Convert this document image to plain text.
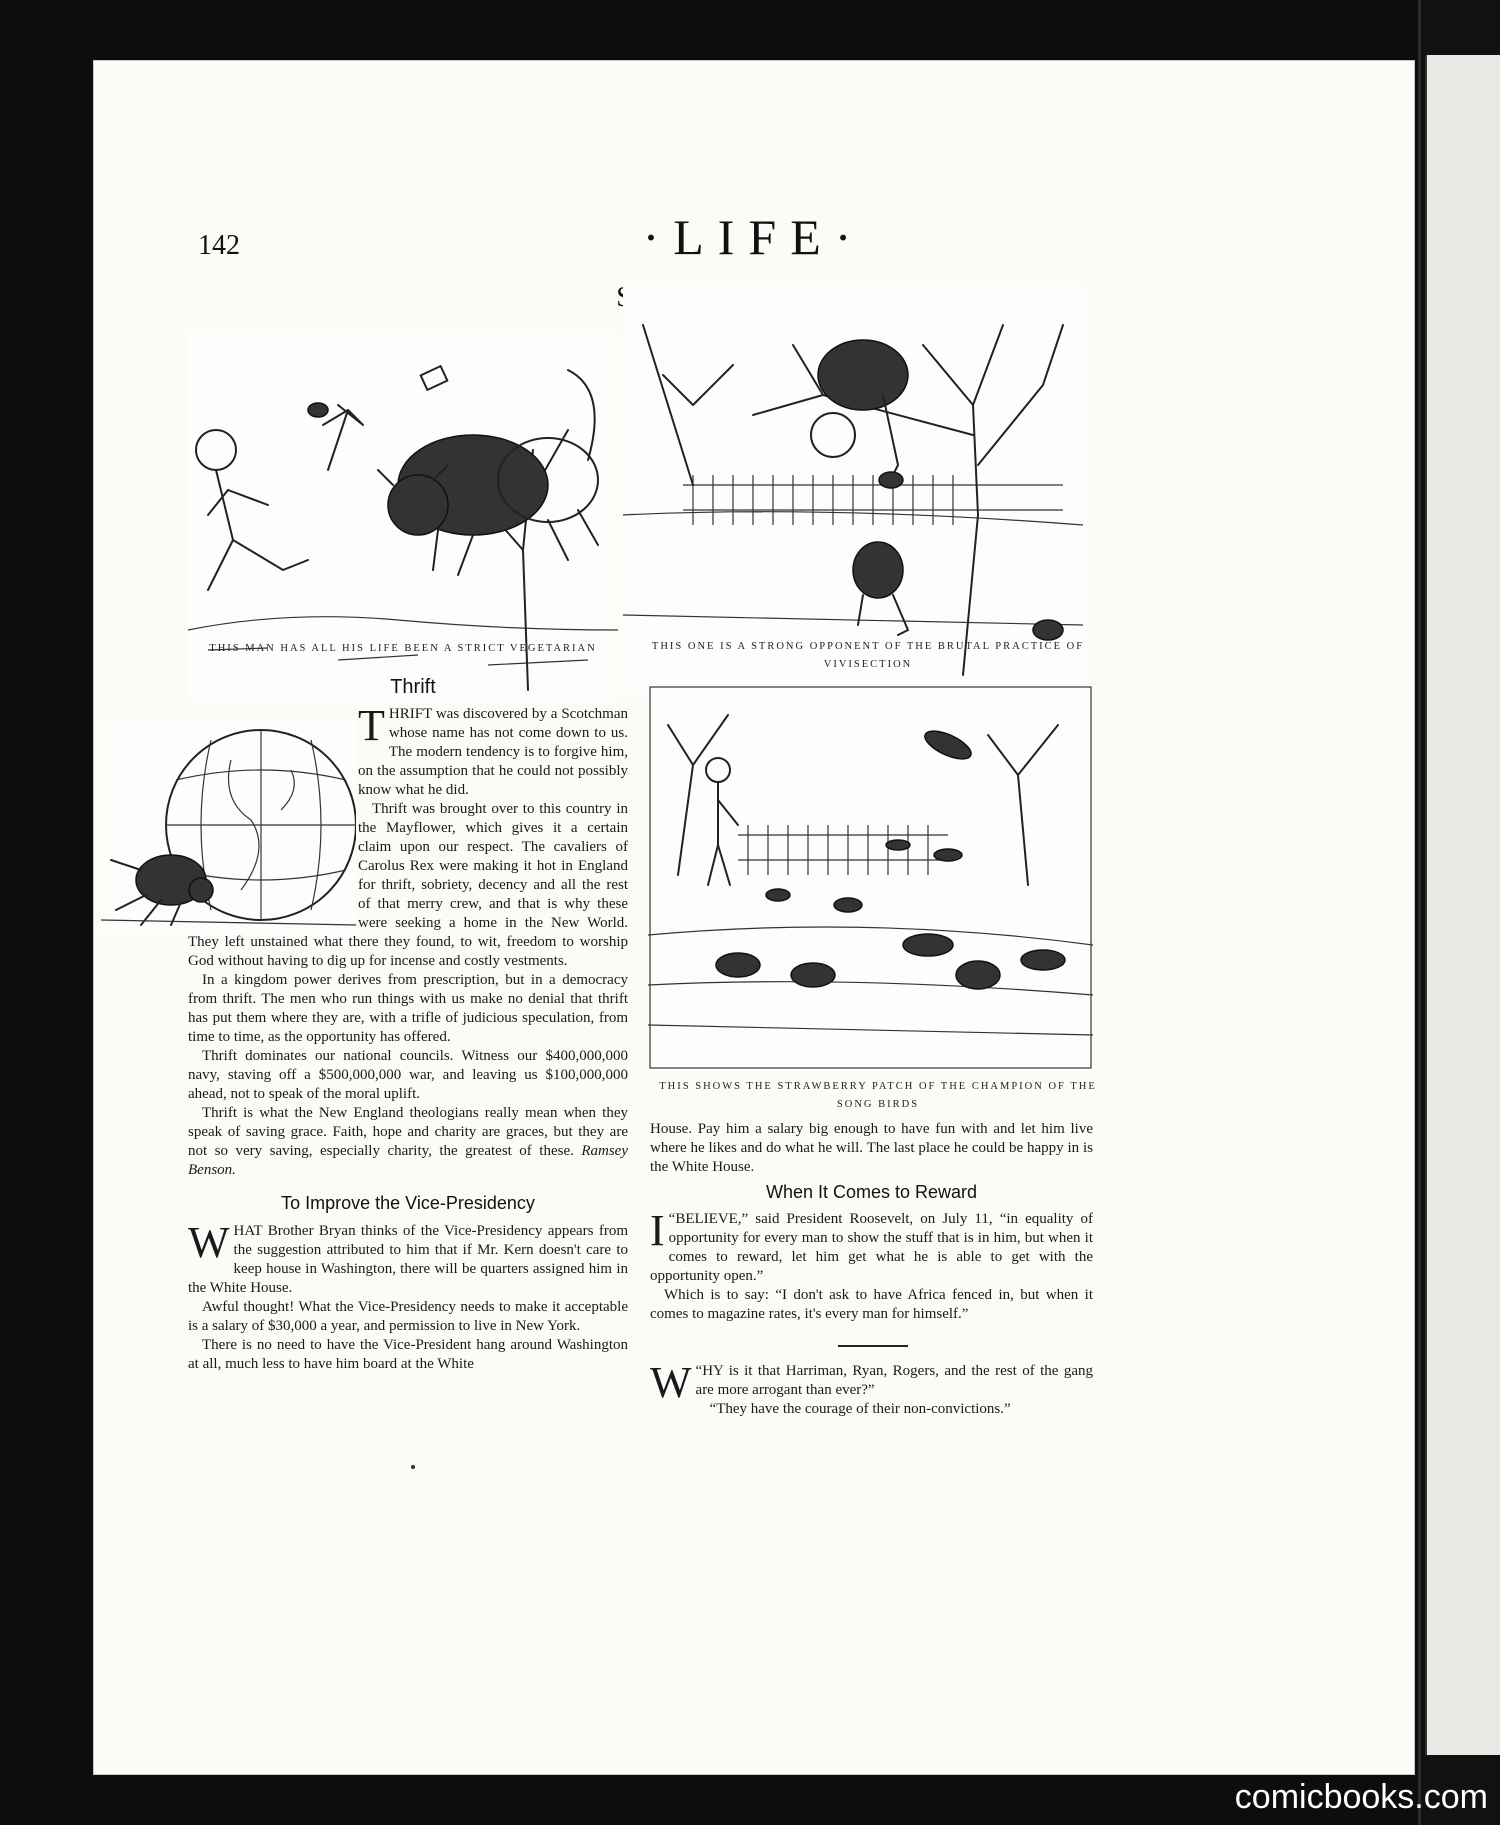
142	·LIFE·
Some Rewards of Virtue
THIS MAN HAS ALL HIS LIFE BEEN A STRICT VEGETARIAN	THIS ONE IS A STRONG OPPONENT OF THE BRUTAL PRACTICE OF VIVISECTION
Thrift

THRIFT was discovered by a Scotchman whose name has not come down to us. The modern tendency is to forgive him, on the assumption that he could not possibly know what he did.

Thrift was brought over to this country in the Mayflower, which gives it a certain claim upon our respect. The cavaliers of Carolus Rex were making it hot in England for thrift, sobriety, decency and all the rest of that merry crew, and that is why these were seeking a home in the New World. They left unstained what there they found, to wit, freedom to worship God without having to dig up for incense and costly vestments.

In a kingdom power derives from prescription, but in a democracy from thrift. The men who run things with us make no denial that thrift has put them where they are, with a trifle of judicious speculation, from time to time, as the opportunity has offered.

Thrift dominates our national councils. Witness our $400,000,000 navy, staving off a $500,000,000 war, and leaving us $100,000,000 ahead, not to speak of the moral uplift.

Thrift is what the New England theologians really mean when they speak of saving grace. Faith, hope and charity are graces, but they are not so very saving, especially charity, the greatest of these. Ramsey Benson.

To Improve the Vice-Presidency

WHAT Brother Bryan thinks of the Vice-Presidency appears from the suggestion attributed to him that if Mr. Kern doesn't care to keep house in Washington, there will be quarters assigned him in the White House.

Awful thought! What the Vice-Presidency needs to make it acceptable is a salary of $30,000 a year, and permission to live in New York.

There is no need to have the Vice-President hang around Washington at all, much less to have him board at the White

THIS SHOWS THE STRAWBERRY PATCH OF THE CHAMPION OF THE SONG BIRDS

House. Pay him a salary big enough to have fun with and let him live where he likes and do what he will. The last place he could be happy in is the White House.

When It Comes to Reward

“
I BELIEVE,” said President Roosevelt, on July 11, “in equality of opportunity for every man to show the stuff that is in him, but when it comes to reward, let him get what he is able to get with the opportunity open.”

Which is to say: “I don't ask to have Africa fenced in, but when it comes to magazine rates, it's every man for himself.”

“
W HY is it that Harriman, Ryan, Rogers, and the rest of the gang are more arrogant than ever?”

“They have the courage of their non-convictions.”

comicbooks.com
